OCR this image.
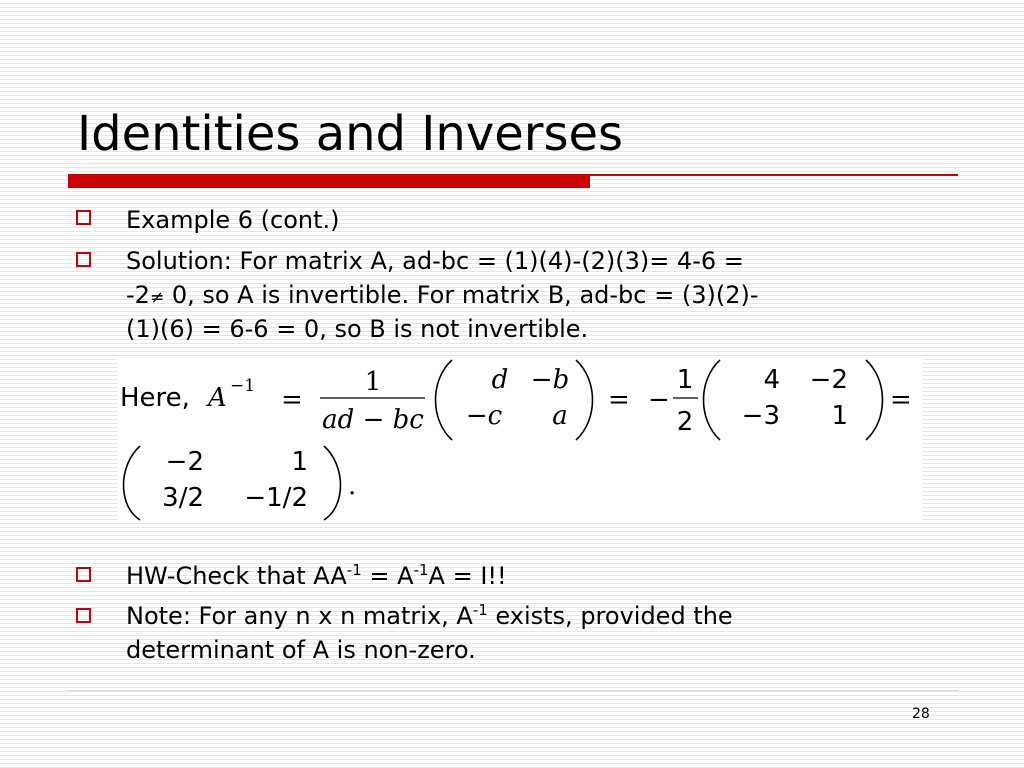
Identities and Inverses
Example 6 (cont.)
Solution: For matrix A, ad-bc = (1)(4)-(2)(3)= 4-6 =
-2≠ 0, so A is invertible. For matrix B, ad-bc = (3)(2)-
(1)(6) = 6-6 = 0, so B is not invertible.
Here, A −1 =
1
ad − bc
d −b
−c a
= −
1
2
4 −2
−3 1
=
−2	1
3/2 −1/2 .
HW-Check that $AA^{-1} = A^{-1}A = I$!!
Note: For any n x n matrix, $A^{-1}$ exists, provided the
determinant of A is non-zero.
28
